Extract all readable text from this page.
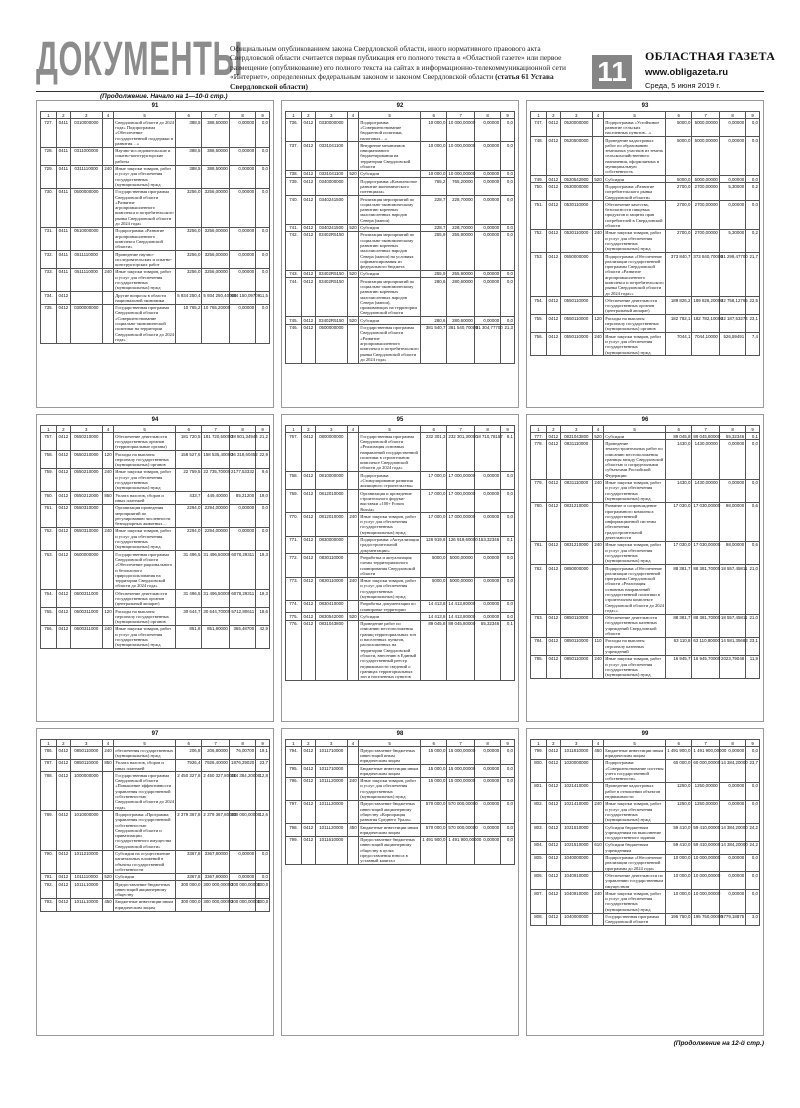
ДОКУМЕНТЫ
Официальным опубликованием закона Свердловской области, иного нормативного правового акта Свердловской области считается первая публикация его полного текста в «Областной газете» или первое размещение (опубликование) его полного текста на сайтах в информационно-телекоммуникационной сети «Интернет», определенных федеральным законом и законом Свердловской области (статья 61 Устава Свердловской области)	11	ОБЛАСТНАЯ ГАЗЕТА
www.obligazeta.ru
Среда, 5 июня 2019 г.
(Продолжение. Начало на 1—10-й стр.)
91
1	2	3	4	5	6	7	8	9
727.	0411	0310000000		Свердловской области до 2024 года» Подпрограмма «Обеспечение государственной поддержки и развития…»	388,5	388,50000	0,00000	0,0
728.	0411	0311000000		Научно-исследовательские и опытно-конструкторские работы	388,5	388,50000	0,00000	0,0
729.	0411	0311110000	240	Иные закупки товаров, работ и услуг для обеспечения государственных (муниципальных) нужд	388,5	388,50000	0,00000	0,0
730.	0411	0500000000		Государственная программа Свердловской области «Развитие агропромышленного комплекса и потребительского рынка Свердловской области до 2024 года»	3256,0	3256,00000	0,00000	0,0
731.	0411	0510000000		Подпрограмма «Развитие агропромышленного комплекса Свердловской области»	3256,0	3256,00000	0,00000	0,0
732.	0411	0511110000		Проведение научно-исследовательских и опытно-конструкторских работ	3256,0	3256,00000	0,00000	0,0
733.	0411	0511110000	240	Иные закупки товаров, работ и услуг для обеспечения государственных (муниципальных) нужд	3256,0	3256,00000	0,00000	0,0
734.	0412			Другие вопросы в области национальной экономики	5 934 250,4	5 934 250,40000	684 150,09709	11,5
735.	0412	0300000000		Государственная программа Свердловской области «Совершенствование социально-экономической политики на территории Свердловской области до 2024 года»	10 765,2	10 765,20000	0,00000	0,0
92
1	2	3	4	5	6	7	8	9
736.	0412	0330000000		Подпрограмма «Совершенствование бюджетной политики, налоговых…»	10 000,0	10 000,00000	0,00000	0,0
737.	0412	0331041100		Внедрение механизмов инициативного бюджетирования на территории Свердловской области	10 000,0	10 000,00000	0,00000	0,0
738.	0412	0331041100	520	Субсидии	10 000,0	10 000,00000	0,00000	0,0
739.	0412	0340000000		Подпрограмма «Комплексное развитие экономического потенциала»	765,2	765,20000	0,00000	0,0
740.	0412	0340241500		Реализация мероприятий по социально-экономическому развитию коренных малочисленных народов Севера (манси)	228,7	228,70000	0,00000	0,0
741.	0412	0340241500	520	Субсидии	228,7	228,70000	0,00000	0,0
742.	0412	03402R5150		Реализация мероприятий по социально-экономическому развитию коренных малочисленных народов Севера (манси) на условиях софинансирования из федерального бюджета	255,9	255,90000	0,00000	0,0
743.	0412	03402R5150	520	Субсидии	255,9	255,90000	0,00000	0,0
744.	0412	03402R5150		Реализация мероприятий по социально-экономическому развитию коренных малочисленных народов Севера (манси), проживающих на территории Свердловской области	280,6	280,60000	0,00000	0,0
745.	0412	03402R5150	520	Субсидии	280,6	280,60000	0,00000	0,0
746.	0412	0500000000		Государственная программа Свердловской области «Развитие агропромышленного комплекса и потребительского рынка Свердловской области до 2024 года»	381 540,7	381 540,70000	81 304,77700	21,3
93
1	2	3	4	5	6	7	8	9
747.	0412	0520000000		Подпрограмма «Устойчивое развитие сельских населенных пунктов…»	5000,0	5000,00000	0,00000	0,0
748.	0412	0520500000		Проведение кадастровых работ по образованию земельных участков из земель сельскохозяйственного назначения, оформляемых в муниципальную собственность	5000,0	5000,00000	0,00000	0,0
749.	0412	0520542900	520	Субсидии	5000,0	5000,00000	0,00000	0,0
750.	0412	0530000000		Подпрограмма «Развитие потребительского рынка Свердловской области»	2700,0	2700,00000	5,30000	0,2
751.	0412	0530110000		Обеспечение качества, безопасности пищевых продуктов и защиты прав потребителей в Свердловской области	2700,0	2700,00000	0,00000	0,0
752.	0412	0530110000	240	Иные закупки товаров, работ и услуг для обеспечения государственных (муниципальных) нужд	2700,0	2700,00000	5,30000	0,2
753.	0412	0550000000		Подпрограмма «Обеспечение реализации государственной программы Свердловской области «Развитие агропромышленного комплекса и потребительского рынка Свердловской области до 2024 года»»	373 840,7	373 840,70000	81 299,47700	21,7
754.	0412	0550110000		Обеспечение деятельности государственных органов (центральный аппарат)	189 826,2	189 826,20000	42 758,12765	22,5
755.	0412	0550110000	120	Расходы на выплаты персоналу государственных (муниципальных) органов	182 782,1	182 782,10000	42 187,53274	23,1
756.	0412	0550110000	240	Иные закупки товаров, работ и услуг для обеспечения государственных (муниципальных) нужд	7044,1	7044,10000	526,59491	7,4
94
1	2	3	4	5	6	7	8	9
757.	0412	0550210000		Обеспечение деятельности государственных органов (территориальные органы)	181 720,5	181 720,50000	38 501,34944	21,2
758.	0412	0550210000	120	Расходы на выплаты персоналу государственных (муниципальных) органов	158 527,5	158 535,40000	36 318,60452	22,9
759.	0412	0550210000	240	Иные закупки товаров, работ и услуг для обеспечения государственных (муниципальных) нужд	22 759,5	22 735,70000	2177,53332	9,6
760.	0412	0550212000	850	Уплата налогов, сборов и иных платежей	433,7	449,40000	85,21200	19,0
761.	0412	0550310000		Организация проведения мероприятий по регулированию численности безнадзорных животных…	2294,0	2294,00000	0,00000	0,0
762.	0412	0550310000	240	Иные закупки товаров, работ и услуг для обеспечения государственных (муниципальных) нужд	2294,0	2294,00000	0,00000	0,0
763.	0412	0600000000		Государственная программа Свердловской области «Обеспечение рационального и безопасного природопользования на территории Свердловской области до 2024 года»	31 496,5	31 496,50000	6078,29311	19,3
764.	0412	0600311000		Обеспечение деятельности государственных органов (центральный аппарат)	31 496,5	31 496,50000	6078,29311	19,3
765.	0412	0600311000	120	Расходы на выплаты персоналу государственных (муниципальных) органов	30 644,7	30 644,70000	5712,80611	18,6
766.	0412	0600311000	240	Иные закупки товаров, работ и услуг для обеспечения государственных (муниципальных) нужд	851,8	851,80000	365,48700	42,9
95
1	2	3	4	5	6	7	8	9
767.	0412	0800000000		Государственная программа Свердловской области «Реализация основных направлений государственной политики в строительном комплексе Свердловской области до 2024 года»	232 301,3	232 301,30000	18 710,78157	8,1
768.	0412	0810000000		Подпрограмма «Стимулирование развития жилищного строительства»	17 000,0	17 000,00000	0,00000	0,0
769.	0412	0812010000		Организация и проведение строительного форума-выставки «100+ Forum Russia»	17 000,0	17 000,00000	0,00000	0,0
770.	0412	0812010000	240	Иные закупки товаров, работ и услуг для обеспечения государственных (муниципальных) нужд	17 000,0	17 000,00000	0,00000	0,0
771.	0412	0830000000		Подпрограмма «Актуализация градостроительной документации»	126 919,6	126 919,60000	153,32346	0,1
772.	0412	0830110000		Разработка и актуализация схемы территориального планирования Свердловской области	5000,0	5000,00000	0,00000	0,0
773.	0412	0830110000	240	Иные закупки товаров, работ и услуг для обеспечения государственных (муниципальных) нужд	5000,0	5000,00000	0,00000	0,0
774.	0412	0830410000		Разработка документации по планировке территории	14 413,8	14 413,80000	0,00000	0,0
775.	0412	0830542000	520	Субсидии	14 413,8	14 413,80000	0,00000	0,0
776.	0412	0831043800		Проведение работ по описанию местоположения границ территориальных зон и населенных пунктов, расположенных на территории Свердловской области, внесению в Единый государственный реестр недвижимости сведений о границах территориальных зон и населенных пунктов	89 045,8	89 045,80000	55,32346	0,1
96
1	2	3	4	5	6	7	8	9
777.	0412	0831043800	520	Субсидии	89 045,8	89 045,80000	55,32346	0,1
778.	0412	0831110000		Проведение землеустроительных работ по описанию местоположения границы между Свердловской областью и сопредельными субъектами Российской Федерации	1430,0	1430,00000	0,00000	0,0
779.	0412	0831110000	240	Иные закупки товаров, работ и услуг для обеспечения государственных (муниципальных) нужд	1430,0	1430,00000	0,00000	0,0
780.	0412	0831210000		Развитие и сопровождение программного комплекса государственной информационной системы обеспечения градостроительной деятельности	17 030,0	17 030,00000	98,00000	0,6
781.	0412	0831210000	240	Иные закупки товаров, работ и услуг для обеспечения государственных (муниципальных) нужд	17 030,0	17 030,00000	98,00000	0,6
782.	0412	0850000000		Подпрограмма «Обеспечение реализации государственной программы Свердловской области «Реализация основных направлений государственной политики в строительном комплексе Свердловской области до 2024 года»»	88 381,7	88 381,70000	18 557,45811	21,0
783.	0412	0850110000		Обеспечение деятельности государственных казенных учреждений Свердловской области	88 381,7	88 381,70000	18 557,45811	21,0
784.	0412	0850110000	110	Расходы на выплаты персоналу казенных учреждений	63 110,8	63 110,80000	14 581,35683	23,1
785.	0412	0850110000	240	Иные закупки товаров, работ и услуг для обеспечения государственных (муниципальных) нужд	16 945,7	16 945,70000	2023,79048	11,9
97
1	2	3	4	5	6	7	8	9
786.	0412	0850110000	240	обеспечения государственных (муниципальных) нужд	206,8	206,80000	76,00700	19,1
787.	0412	0850110000	850	Уплата налогов, сборов и иных платежей	7926,4	7926,40000	1876,29020	23,7
788.	0412	1000000000		Государственная программа Свердловской области «Повышение эффективности управления государственной собственностью Свердловской области до 2024 года»	2 450 327,8	2 450 327,80000	314 384,20000	12,8
789.	0412	1010000000		Подпрограмма «Программа управления государственной собственностью Свердловской области и приватизации государственного имущества Свердловской области»	2 379 367,8	2 379 367,80000	300 000,00000	12,6
790.	0412	1011210000		Субсидии на осуществление капитальных вложений в объекты государственной собственности	3367,8	3367,80000	0,00000	0,0
791.	0412	1011110000	520	Субсидии	3367,8	3367,80000	0,00000	0,0
792.	0412	1011L10000		Предоставление бюджетных инвестиций акционерному обществу	300 000,0	300 000,00000	300 000,00000	100,0
793.	0412	1011L10000	450	Бюджетные инвестиции иным юридическим лицам	300 000,0	300 000,00000	300 000,00000	100,0
98
1	2	3	4	5	6	7	8	9
794.	0412	1011710000		Предоставление бюджетных инвестиций иным юридическим лицам	15 000,0	15 000,00000	0,00000	0,0
795.	0412	1011710000		Бюджетные инвестиции иным юридическим лицам	15 000,0	15 000,00000	0,00000	0,0
796.	0412	1011L20000	240	Иные закупки товаров, работ и услуг для обеспечения государственных (муниципальных) нужд	15 000,0	15 000,00000	0,00000	0,0
797.	0412	1011L20000		Предоставление бюджетных инвестиций акционерному обществу «Корпорация развития Среднего Урала»	570 000,0	570 000,00000	0,00000	0,0
798.	0412	1011L20000	450	Бюджетные инвестиции иным юридическим лицам	570 000,0	570 000,00000	0,00000	0,0
799.	0412	1011610000		Предоставление бюджетных инвестиций акционерному обществу в целях предоставления взноса в уставный капитал	1 491 900,0	1 491 900,00000	0,00000	0,0
99
1	2	3	4	5	6	7	8	9
799.	0412	1011810000	450	Бюджетные инвестиции иным юридическим лицам	1 491 900,0	1 491 900,00000	0,00000	0,0
800.	0412	1020000000		Подпрограмма «Совершенствование системы учета государственной собственности»	60 000,0	60 000,00000	14 384,20000	23,7
801.	0412	1021410000		Проведение кадастровых работ в отношении объектов недвижимости	1250,0	1250,00000	0,00000	0,0
802.	0412	1021410000	240	Иные закупки товаров, работ и услуг для обеспечения государственных (муниципальных) нужд	1250,0	1250,00000	0,00000	0,0
803.	0412	1021510000		Субсидии бюджетным учреждениям на выполнение государственного задания	59 410,0	59 410,00000	14 384,20000	24,2
804.	0412	1021510000	610	Субсидии бюджетным учреждениям	59 410,0	59 410,00000	14 384,20000	24,2
805.	0412	1040000000		Подпрограмма «Обеспечение реализации государственной программы до 2024 года»	10 000,0	10 000,00000	0,00000	0,0
806.	0412	1040910000		Обеспечение деятельности по управлению государственным имуществом	10 000,0	10 000,00000	0,00000	0,0
807.	0412	1040910000	240	Иные закупки товаров, работ и услуг для обеспечения государственных (муниципальных) нужд	10 000,0	10 000,00000	0,00000	0,0
808.	0412	1040000000		Государственная программа Свердловской области	195 750,0	195 750,00000	5779,18875	3,0
(Продолжение на 12-й стр.)
